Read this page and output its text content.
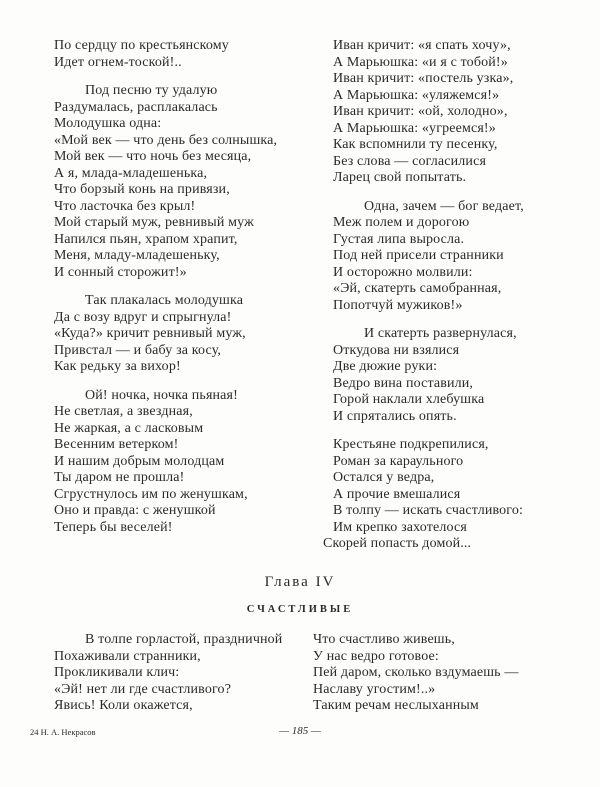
По сердцу по крестьянскому
Идет огнем-тоской!..
Под песню ту удалую
Раздумалась, расплакалась
Молодушка одна:
«Мой век — что день без солнышка,
Мой век — что ночь без месяца,
А я, млада-младешенька,
Что борзый конь на привязи,
Что ласточка без крыл!
Мой старый муж, ревнивый муж
Напился пьян, храпом храпит,
Меня, младу-младешеньку,
И сонный сторожит!»
Так плакалась молодушка
Да с возу вдруг и спрыгнула!
«Куда?» кричит ревнивый муж,
Привстал — и бабу за косу,
Как редьку за вихор!
Ой! ночка, ночка пьяная!
Не светлая, а звездная,
Не жаркая, а с ласковым
Весенним ветерком!
И нашим добрым молодцам
Ты даром не прошла!
Сгрустнулось им по женушкам,
Оно и правда: с женушкой
Теперь бы веселей!
Иван кричит: «я спать хочу»,
А Марьюшка: «и я с тобой!»
Иван кричит: «постель узка»,
А Марьюшка: «уляжемся!»
Иван кричит: «ой, холодно»,
А Марьюшка: «угреемся!»
Как вспомнили ту песенку,
Без слова — согласилися
Ларец свой попытать.
Одна, зачем — бог ведает,
Меж полем и дорогою
Густая липа выросла.
Под ней присели странники
И осторожно молвили:
«Эй, скатерть самобранная,
Попотчуй мужиков!»
И скатерть развернулася,
Откудова ни взялися
Две дюжие руки:
Ведро вина поставили,
Горой наклали хлебушка
И спрятались опять.
Крестьяне подкрепилися,
Роман за караульного
Остался у ведра,
А прочие вмешалися
В толпу — искать счастливого:
Им крепко захотелося
Скорей попасть домой...
Глава IV
СЧАСТЛИВЫЕ
В толпе горластой, праздничной
Похаживали странники,
Прокликивали клич:
«Эй! нет ли где счастливого?
Явись! Коли окажется,
Что счастливо живешь,
У нас ведро готовое:
Пей даром, сколько вздумаешь —
Наславу угостим!..»
Таким речам неслыханным
24 Н. А. Некрасов	— 185 —
